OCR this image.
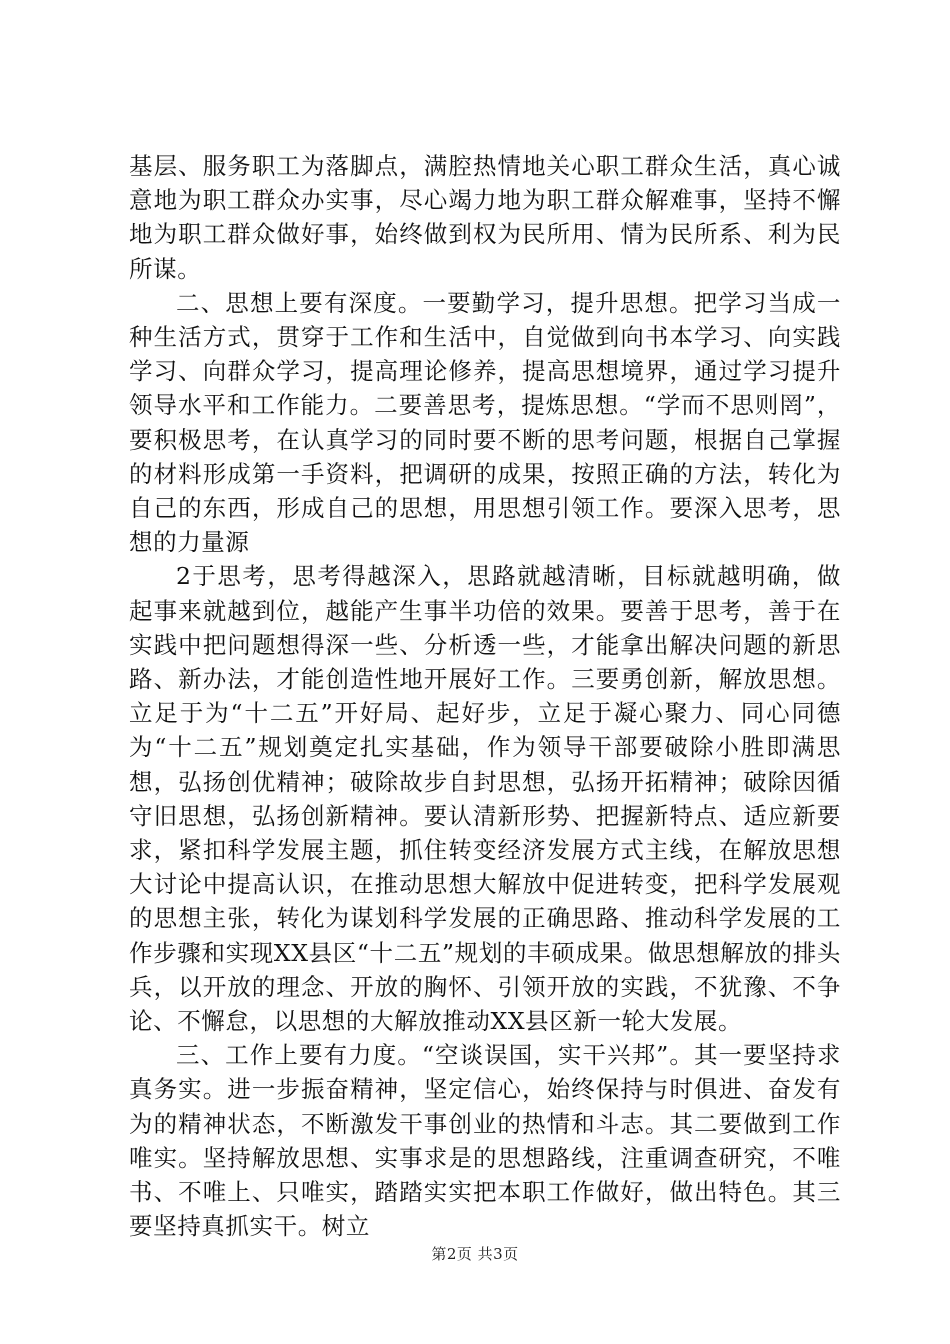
基层、服务职工为落脚点，满腔热情地关心职工群众生活，真心诚意地为职工群众办实事，尽心竭力地为职工群众解难事，坚持不懈地为职工群众做好事，始终做到权为民所用、情为民所系、利为民所谋。

二、思想上要有深度。一要勤学习，提升思想。把学习当成一种生活方式，贯穿于工作和生活中，自觉做到向书本学习、向实践学习、向群众学习，提高理论修养，提高思想境界，通过学习提升领导水平和工作能力。二要善思考，提炼思想。“学而不思则罔”，要积极思考，在认真学习的同时要不断的思考问题，根据自己掌握的材料形成第一手资料，把调研的成果，按照正确的方法，转化为自己的东西，形成自己的思想，用思想引领工作。要深入思考，思想的力量源

2于思考，思考得越深入，思路就越清晰，目标就越明确，做起事来就越到位，越能产生事半功倍的效果。要善于思考，善于在实践中把问题想得深一些、分析透一些，才能拿出解决问题的新思路、新办法，才能创造性地开展好工作。三要勇创新，解放思想。立足于为“十二五”开好局、起好步，立足于凝心聚力、同心同德为“十二五”规划奠定扎实基础，作为领导干部要破除小胜即满思想，弘扬创优精神；破除故步自封思想，弘扬开拓精神；破除因循守旧思想，弘扬创新精神。要认清新形势、把握新特点、适应新要求，紧扣科学发展主题，抓住转变经济发展方式主线，在解放思想大讨论中提高认识，在推动思想大解放中促进转变，把科学发展观的思想主张，转化为谋划科学发展的正确思路、推动科学发展的工作步骤和实现XX县区“十二五”规划的丰硕成果。做思想解放的排头兵，以开放的理念、开放的胸怀、引领开放的实践，不犹豫、不争论、不懈怠，以思想的大解放推动XX县区新一轮大发展。

三、工作上要有力度。“空谈误国，实干兴邦”。其一要坚持求真务实。进一步振奋精神，坚定信心，始终保持与时俱进、奋发有为的精神状态，不断激发干事创业的热情和斗志。其二要做到工作唯实。坚持解放思想、实事求是的思想路线，注重调查研究，不唯书、不唯上、只唯实，踏踏实实把本职工作做好，做出特色。其三要坚持真抓实干。树立

第2页 共3页
